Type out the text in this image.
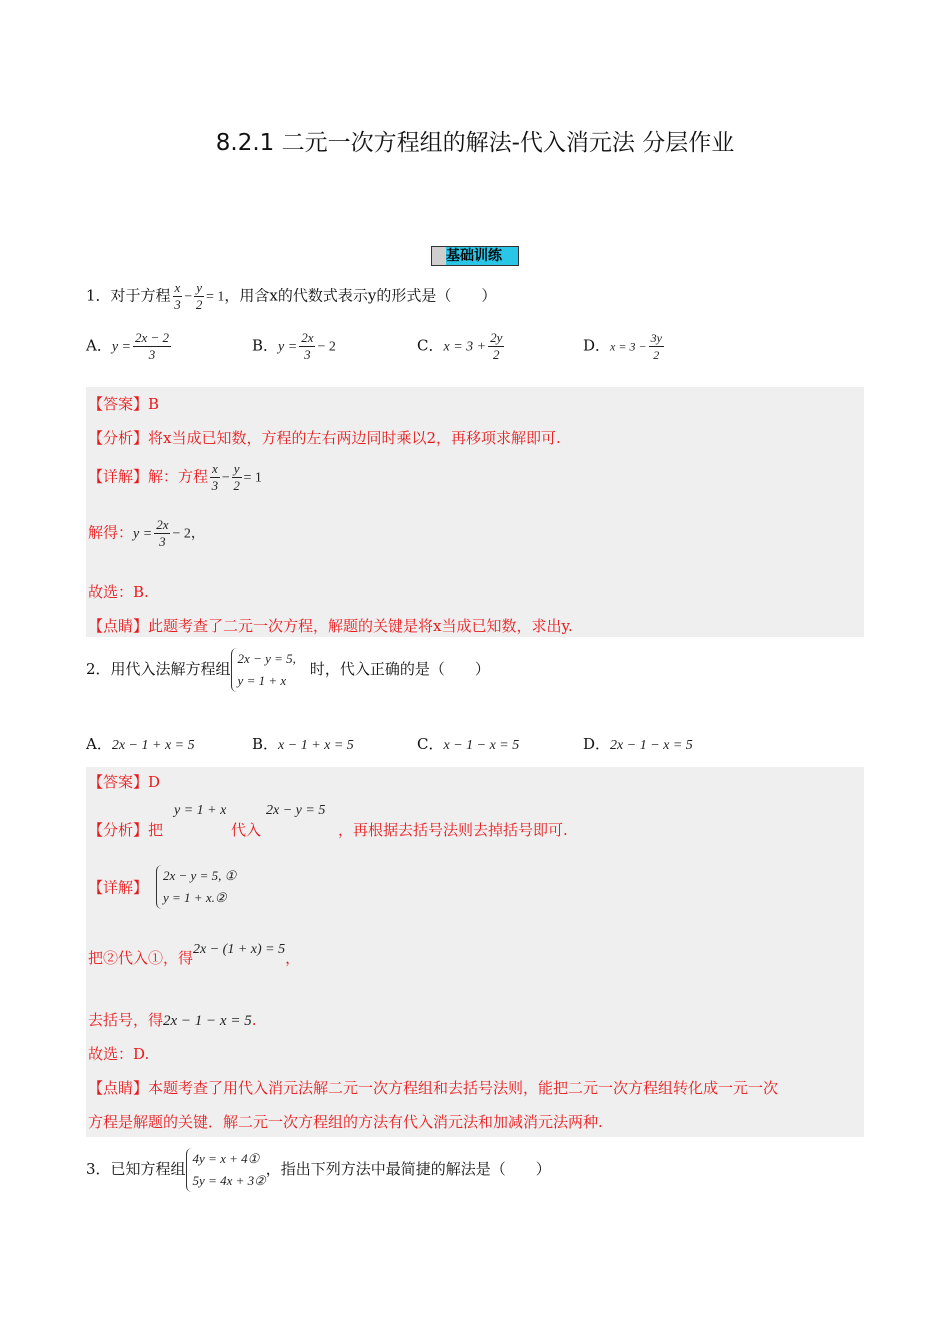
8.2.1 二元一次方程组的解法-代入消元法 分层作业
基础训练
1．对于方程 $\frac{x}{3} - \frac{y}{2} = 1$，用含x的代数式表示y的形式是（　　）
A．$y = \frac{2x - 2}{3}$	B．$y = \frac{2x}{3} - 2$	C．$x = 3 + \frac{2y}{2}$	D．$x = 3 - \frac{3y}{2}$
【答案】B
【分析】将x当成已知数，方程的左右两边同时乘以2，再移项求解即可.
【详解】解：方程 $\frac{x}{3} - \frac{y}{2} = 1$
解得：$y = \frac{2x}{3} - 2$，
故选：B.
【点睛】此题考查了二元一次方程，解题的关键是将x当成已知数，求出y.
2．用代入法解方程组
2x − y = 5,
y = 1 + x
时，代入正确的是（　　）
A．2x − 1 + x = 5	B．x − 1 + x = 5	C．x − 1 − x = 5	D．2x − 1 − x = 5
【答案】D
【分析】 把
y = 1 + x
代入
2x − y = 5
，再根据去括号法则去掉括号即可.
【详解】
2x − y = 5, ①
y = 1 + x.②
把②代入①，得2x − (1 + x) = 5，
去括号，得2x − 1 − x = 5.
故选：D.
【点睛】本题考查了用代入消元法解二元一次方程组和去括号法则，能把二元一次方程组转化成一元一次
方程是解题的关键．解二元一次方程组的方法有代入消元法和加减消元法两种.
3．已知方程组
4y = x + 4①
5y = 4x + 3②
，指出下列方法中最简捷的解法是（　　）
